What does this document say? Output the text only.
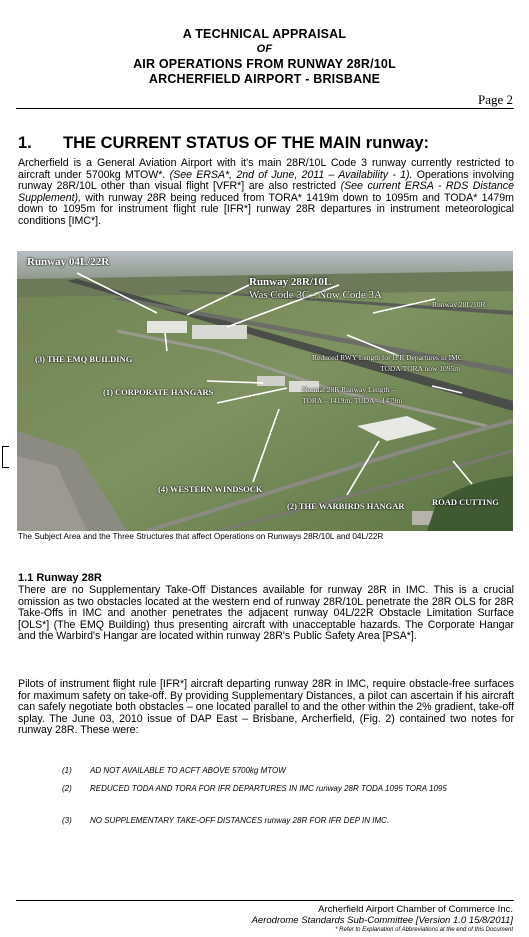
A TECHNICAL APPRAISAL
OF
AIR OPERATIONS FROM RUNWAY 28R/10L
ARCHERFIELD AIRPORT - BRISBANE
Page 2
1. THE CURRENT STATUS OF THE MAIN runway:
Archerfield is a General Aviation Airport with it's main 28R/10L Code 3 runway currently restricted to aircraft under 5700kg MTOW*. (See ERSA*, 2nd of June, 2011 – Availability - 1). Operations involving runway 28R/10L other than visual flight [VFR*] are also restricted (See current ERSA - RDS Distance Supplement), with runway 28R being reduced from TORA* 1419m down to 1095m and TODA* 1479m down to 1095m for instrument flight rule [IFR*] runway 28R departures in instrument meteorological conditions [IMC*].
Runway 04L/22R
Runway 28R/10L
Was Code 3C - Now Code 3A
Runway 28L/10R
(3) THE EMQ BUILDING	Reduced RWY Length for IFR Departures in IMC
TODA/TORA now 1095m
(1) CORPORATE HANGARS	Normal 28R Runway Length –
TORA – 1419m, TODA – 1479m
(4) WESTERN WINDSOCK
(2) THE WARBIRDS HANGAR	ROAD CUTTING
The Subject Area and the Three Structures that affect Operations on Runways 28R/10L and 04L/22R
1.1 Runway 28R
There are no Supplementary Take-Off Distances available for runway 28R in IMC. This is a crucial omission as two obstacles located at the western end of runway 28R/10L penetrate the 28R OLS for 28R Take-Offs in IMC and another penetrates the adjacent runway 04L/22R Obstacle Limitation Surface [OLS*] (The EMQ Building) thus presenting aircraft with unacceptable hazards. The Corporate Hangar and the Warbird's Hangar are located within runway 28R's Public Safety Area [PSA*].
Pilots of instrument flight rule [IFR*] aircraft departing runway 28R in IMC, require obstacle-free surfaces for maximum safety on take-off. By providing Supplementary Distances, a pilot can ascertain if his aircraft can safely negotiate both obstacles – one located parallel to and the other within the 2% gradient, take-off splay. The June 03, 2010 issue of DAP East – Brisbane, Archerfield, (Fig. 2) contained two notes for runway 28R. These were:
(1) AD NOT AVAILABLE TO ACFT ABOVE 5700kg MTOW
(2) REDUCED TODA AND TORA FOR IFR DEPARTURES IN IMC runway 28R TODA 1095 TORA 1095
(3) NO SUPPLEMENTARY TAKE-OFF DISTANCES runway 28R FOR IFR DEP IN IMC.
Archerfield Airport Chamber of Commerce Inc.
Aerodrome Standards Sub-Committee [Version 1.0 15/8/2011]
* Refer to Explanation of Abbreviations at the end of this Document
